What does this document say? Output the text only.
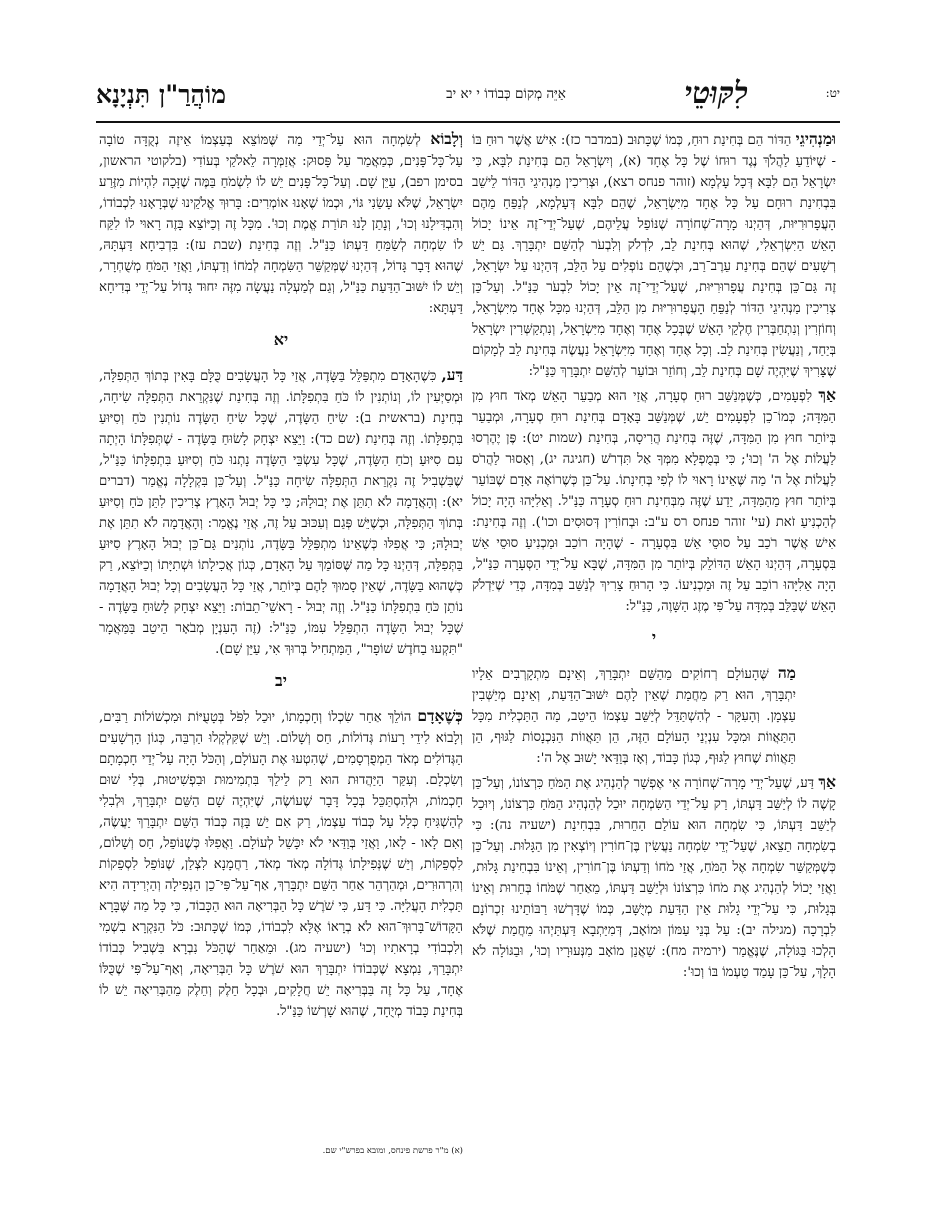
יט:
לִקּוּטֵי
אַיֵּה מְקוֹם כְּבוֹדוֹ י יא יב
מוֹהֲרַ"ן תִּנְיָנָא

וּמַנְהִיגֵי הַדּוֹר הֵם בְּחִינַת רוּחַ, כְּמוֹ שֶׁכָּתוּב (במדבר כז): אִישׁ אֲשֶׁר רוּחַ בּוֹ - שֶׁיּוֹדֵעַ לַהֲלֹךְ נֶגֶד רוּחוֹ שֶׁל כָּל אֶחָד (א), וְיִשְׂרָאֵל הֵם בְּחִינַת לִבָּא, כִּי יִשְׂרָאֵל הֵם לִבָּא דְּכָל עָלְמָא (זוהר פנחס רצא), וּצְרִיכִין מַנְהִיגֵי הַדּוֹר לֵישֵׁב בִּבְחִינַת רוּחָם עַל כָּל אֶחָד מִיִּשְׂרָאֵל, שֶׁהֵם לִבָּא דְּעָלְמָא, לְנַפֵּחַ מֵהֶם הָעֲפָרוּרִיּוּת, דְּהַיְנוּ מָרָה־שְׁחוֹרָה שֶׁנּוֹפֵל עֲלֵיהֶם, שֶׁעַל־יְדֵי־זֶה אֵינוֹ יָכוֹל הָאֵשׁ הַיִּשְׂרְאֵלִי, שֶׁהוּא בְּחִינַת לֵב, לִדְלֹק וְלִבְעֹר לְהַשֵּׁם יִתְבָּרַךְ. גַּם יֵשׁ רְשָׁעִים שֶׁהֵם בְּחִינַת עֵרֶב־רַב, וּכְשֶׁהֵם נוֹפְלִים עַל הַלֵּב, דְּהַיְנוּ עַל יִשְׂרָאֵל, זֶה גַּם־כֵּן בְּחִינַת עֲפָרוּרִיּוּת, שֶׁעַל־יְדֵי־זֶה אֵין יָכוֹל לִבְעֹר כַּנַּ"ל. וְעַל־כֵּן צְרִיכִין מַנְהִיגֵי הַדּוֹר לְנַפֵּחַ הָעֲפָרוּרִיּוּת מִן הַלֵּב, דְּהַיְנוּ מִכָּל אֶחָד מִיִּשְׂרָאֵל, וְחוֹזְרִין וְנִתְחַבְּרִין חֶלְקֵי הָאֵשׁ שֶׁבְּכָל אֶחָד וְאֶחָד מִיִּשְׂרָאֵל, וְנִתְקַשְּׁרִין יִשְׂרָאֵל בְּיַחַד, וְנַעֲשִׂין בְּחִינַת לֵב. וְכָל אֶחָד וְאֶחָד מִיִּשְׂרָאֵל נַעֲשֶׂה בְּחִינַת לֵב לְמָקוֹם שֶׁצָּרִיךְ שֶׁיִּהְיֶה שָׁם בְּחִינַת לֵב, וְחוֹזֵר וּבוֹעֵר לְהַשֵּׁם יִתְבָּרַךְ כַּנַּ"ל:

אַךְ לִפְעָמִים, כְּשֶׁמְּנַשֵּׁב רוּחַ סְעָרָה, אֲזַי הוּא מְבַעֵר הָאֵשׁ מְאֹד חוּץ מִן הַמִּדָּה; כְּמוֹ־כֵן לִפְעָמִים יֵשׁ, שֶׁמְּנַשֵּׁב בָּאָדָם בְּחִינַת רוּחַ סְעָרָה, וּמְבַעֵר בְּיוֹתֵר חוּץ מִן הַמִּדָּה, שֶׁזֶּה בְּחִינַת הֲרִיסָה, בְּחִינַת (שמות יט): פֶּן יֶהֶרְסוּ לַעֲלוֹת אֶל ה' וְכוּ'; כִּי בְּמֻפְלָא מִמְּךָ אַל תִּדְרֹשׁ (חגיגה יג), וְאָסוּר לַהֲרֹס לַעֲלוֹת אֶל ה' מַה שֶּׁאֵינוֹ רָאוּי לוֹ לְפִי בְּחִינָתוֹ. עַל־כֵּן כְּשֶׁרוֹאֶה אָדָם שֶׁבּוֹעֵר בְּיוֹתֵר חוּץ מֵהַמִּדָּה, יֵדַע שֶׁזֶּה מִבְּחִינַת רוּחַ סְעָרָה כַּנַּ"ל. וְאֵלִיָּהוּ הָיָה יָכוֹל לְהַכְנִיעַ זֹאת (עי' זוהר פנחס רס ע"ב: וּבְחוֹרִין דְּסוּסִים וכו'). וְזֶה בְּחִינַת: אִישׁ אֲשֶׁר רֹכֵב עַל סוּסֵי אֵשׁ בִּסְעָרָה - שֶׁהָיָה רוֹכֵב וּמַכְנִיעַ סוּסֵי אֵשׁ בִּסְעָרָה, דְּהַיְנוּ הָאֵשׁ הַדּוֹלֵק בְּיוֹתֵר מִן הַמִּדָּה, שֶׁבָּא עַל־יְדֵי הַסְּעָרָה כַּנַּ"ל, הָיָה אֵלִיָּהוּ רוֹכֵב עַל זֶה וּמַכְנִיעוֹ. כִּי הָרוּחַ צָרִיךְ לְנַשֵּׁב בְּמִדָּה, כְּדֵי שֶׁיִּדְלֹק הָאֵשׁ שֶׁבַּלֵּב בְּמִדָּה עַל־פִּי מֶזֶג הַשָּׁוֶה, כַּנַּ"ל:

י

מַה שֶּׁהָעוֹלָם רְחוֹקִים מֵהַשֵּׁם יִתְבָּרַךְ, וְאֵינָם מִתְקָרְבִים אֵלָיו יִתְבָּרַךְ, הוּא רַק מֵחֲמַת שֶׁאֵין לָהֶם יִשּׁוּב־הַדַּעַת, וְאֵינָם מְיַשְּׁבִין עַצְמָן. וְהָעִקָּר - לְהִשְׁתַּדֵּל לְיַשֵּׁב עַצְמוֹ הֵיטֵב, מַה הַתַּכְלִית מִכָּל הַתַּאֲווֹת וּמִכָּל עִנְיְנֵי הָעוֹלָם הַזֶּה, הֵן תַּאֲווֹת הַנִּכְנָסוֹת לַגּוּף, הֵן תַּאֲווֹת שֶׁחוּץ לַגּוּף, כְּגוֹן כָּבוֹד, וְאָז בְּוַדַּאי יָשׁוּב אֶל ה':

אַךְ דַּע, שֶׁעַל־יְדֵי מָרָה־שְׁחוֹרָה אִי אֶפְשָׁר לְהַנְהִיג אֶת הַמֹּחַ כִּרְצוֹנוֹ, וְעַל־כֵּן קָשֶׁה לוֹ לְיַשֵּׁב דַּעְתּוֹ, רַק עַל־יְדֵי הַשִּׂמְחָה יוּכַל לְהַנְהִיג הַמֹּחַ כִּרְצוֹנוֹ, וְיוּכַל לְיַשֵּׁב דַּעְתּוֹ, כִּי שִׂמְחָה הוּא עוֹלַם הַחֵרוּת, בִּבְחִינַת (ישעיה נה): כִּי בְשִׂמְחָה תֵצֵאוּ, שֶׁעַל־יְדֵי שִׂמְחָה נַעֲשִׂין בֶּן־חוֹרִין וְיוֹצְאִין מִן הַגָּלוּת. וְעַל־כֵּן כְּשֶׁמְּקַשֵּׁר שִׂמְחָה אֶל הַמֹּחַ, אֲזַי מֹחוֹ וְדַעְתּוֹ בֶּן־חוֹרִין, וְאֵינוֹ בִּבְחִינַת גָּלוּת, וַאֲזַי יָכוֹל לְהַנְהִיג אֶת מֹחוֹ כִּרְצוֹנוֹ וּלְיַשֵּׁב דַּעְתּוֹ, מֵאַחַר שֶׁמֹּחוֹ בְּחֵרוּת וְאֵינוֹ בְּגָלוּת, כִּי עַל־יְדֵי גָלוּת אֵין הַדַּעַת מְיֻשָּׁב, כְּמוֹ שֶׁדָּרְשׁוּ רַבּוֹתֵינוּ זִכְרוֹנָם לִבְרָכָה (מגילה יב): עַל בְּנֵי עַמּוֹן וּמוֹאָב, דְּמִיַּתְבָא דַּעְתַּיְהוּ מֵחֲמַת שֶׁלֹּא הָלְכוּ בַּגּוֹלָה, שֶׁנֶּאֱמַר (ירמיה מח): שַׁאֲנַן מוֹאָב מִנְּעוּרָיו וְכוּ', וּבַגּוֹלָה לֹא הָלָךְ, עַל־כֵּן עָמַד טַעְמוֹ בּוֹ וְכוּ':

וְלָבוֹא לְשִׂמְחָה הוּא עַל־יְדֵי מַה שֶּׁמּוֹצֵא בְּעַצְמוֹ אֵיזֶה נְקֻדָּה טוֹבָה עַל־כָּל־פָּנִים, כְּמַאֲמַר עַל פָּסוּק: אֲזַמְּרָה לֵאלֹקַי בְּעוֹדִי (בלקוטי הראשון, בסימן רפב), עַיֵּן שָׁם. וְעַל־כָּל־פָּנִים יֵשׁ לוֹ לִשְׂמֹחַ בַּמֶּה שֶׁזָּכָה לִהְיוֹת מִזֶּרַע יִשְׂרָאֵל, שֶׁלֹּא עָשַׂנִי גּוֹי, וּכְמוֹ שֶׁאָנוּ אוֹמְרִים: בָּרוּךְ אֱלֹקֵינוּ שֶׁבְּרָאָנוּ לִכְבוֹדוֹ, וְהִבְדִּילָנוּ וְכוּ', וְנָתַן לָנוּ תּוֹרַת אֱמֶת וְכוּ'. מִכָּל זֶה וְכַיּוֹצֵא בָּזֶה רָאוּי לוֹ לִקַּח לוֹ שִׂמְחָה לְשַׂמֵּחַ דַּעְתּוֹ כַּנַּ"ל. וְזֶה בְּחִינַת (שבת עז): בִּדְבִיחָא דַּעְתָּהּ, שֶׁהוּא דָּבָר גָּדוֹל, דְּהַיְנוּ שֶׁמְּקַשֵּׁר הַשִּׂמְחָה לְמֹחוֹ וְדַעְתּוֹ, וַאֲזַי הַמֹּחַ מְשֻׁחְרָר, וְיֵשׁ לוֹ יִשּׁוּב־הַדַּעַת כַּנַּ"ל, וְגַם לְמַעְלָה נַעֲשָׂה מִזֶּה יִחוּד גָּדוֹל עַל־יְדֵי בְּדִיחָא דַּעְתָּא:

יא

דַּע, כִּשֶׁהָאָדָם מִתְפַּלֵּל בַּשָּׂדֶה, אֲזַי כָּל הָעֲשָׂבִים כֻּלָּם בָּאִין בְּתוֹךְ הַתְּפִלָּה, וּמְסַיְּעִין לוֹ, וְנוֹתְנִין לוֹ כֹּחַ בִּתְפִלָּתוֹ. וְזֶה בְּחִינַת שֶׁנִּקְרֵאת הַתְּפִלָּה שִׂיחָה, בְּחִינַת (בראשית ב): שִׂיחַ הַשָּׂדֶה, שֶׁכָּל שִׂיחַ הַשָּׂדֶה נוֹתְנִין כֹּחַ וְסִיּוּעַ בִּתְפִלָּתוֹ. וְזֶה בְּחִינַת (שם כד): וַיֵּצֵא יִצְחָק לָשׂוּחַ בַּשָּׂדֶה - שֶׁתְּפִלָּתוֹ הָיְתָה עִם סִיּוּעַ וְכֹחַ הַשָּׂדֶה, שֶׁכָּל עִשְׂבֵּי הַשָּׂדֶה נָתְנוּ כֹּחַ וְסִיּוּעַ בִּתְפִלָּתוֹ כַּנַּ"ל, שֶׁבִּשְׁבִיל זֶה נִקְרֵאת הַתְּפִלָּה שִׂיחָה כַּנַּ"ל. וְעַל־כֵּן בִּקְלָלָה נֶאֱמַר (דברים יא): וְהָאֲדָמָה לֹא תִתֵּן אֶת יְבוּלָהּ; כִּי כָּל יְבוּל הָאָרֶץ צְרִיכִין לִתֵּן כֹּחַ וְסִיּוּעַ בְּתוֹךְ הַתְּפִלָּה, וּכְשֶׁיֵּשׁ פְּגַם וְעִכּוּב עַל זֶה, אֲזַי נֶאֱמַר: וְהָאֲדָמָה לֹא תִתֵּן אֶת יְבוּלָהּ; כִּי אֲפִלּוּ כְּשֶׁאֵינוֹ מִתְפַּלֵּל בַּשָּׂדֶה, נוֹתְנִים גַּם־כֵּן יְבוּל הָאָרֶץ סִיּוּעַ בַּתְּפִלָּה, דְּהַיְנוּ כָּל מַה שֶּׁסּוֹמֵךְ עַל הָאָדָם, כְּגוֹן אֲכִילָתוֹ וּשְׁתִיָּתוֹ וְכַיּוֹצֵא, רַק כְּשֶׁהוּא בַּשָּׂדֶה, שֶׁאֵין סָמוּךְ לָהֶם בְּיוֹתֵר, אֲזַי כָּל הָעֲשָׂבִים וְכָל יְבוּל הָאֲדָמָה נוֹתֵן כֹּחַ בִּתְפִלָּתוֹ כַּנַּ"ל. וְזֶה יְבוּל - רָאשֵׁי־תֵבוֹת: וַיֵּצֵא יִצְחָק לָשׂוּחַ בַּשָּׂדֶה - שֶׁכָּל יְבוּל הַשָּׂדֶה הִתְפַּלֵּל עִמּוֹ, כַּנַּ"ל: (זֶה הָעִנְיָן מְבֹאָר הֵיטֵב בַּמַּאֲמָר "תִּקְעוּ בַחֹדֶשׁ שׁוֹפָר", הַמַּתְחִיל בְּרוּךְ אִי, עַיֵּן שָׁם).

יב

כְּשֶׁאָדָם הוֹלֵךְ אַחַר שִׂכְלוֹ וְחָכְמָתוֹ, יוּכַל לִפֹּל בְּטָעֻיּוֹת וּמִכְשׁוֹלוֹת רַבִּים, וְלָבוֹא לִידֵי רָעוֹת גְּדוֹלוֹת, חַס וְשָׁלוֹם. וְיֵשׁ שֶׁקִּלְקְלוּ הַרְבֵּה, כְּגוֹן הָרְשָׁעִים הַגְּדוֹלִים מְאֹד הַמְפֻרְסָמִים, שֶׁהִטְעוּ אֶת הָעוֹלָם, וְהַכֹּל הָיָה עַל־יְדֵי חָכְמָתָם וְשִׂכְלָם. וְעִקַּר הַיַּהֲדוּת הוּא רַק לֵילֵךְ בִּתְמִימוּת וּבִפְשִׁיטוּת, בְּלִי שׁוּם חָכְמוֹת, וּלְהִסְתַּכֵּל בְּכָל דָּבָר שֶׁעוֹשֶׂה, שֶׁיִּהְיֶה שָׁם הַשֵּׁם יִתְבָּרַךְ, וּלְבִלִי לְהַשְׁגִּיחַ כְּלָל עַל כְּבוֹד עַצְמוֹ, רַק אִם יֵשׁ בָּזֶה כְּבוֹד הַשֵּׁם יִתְבָּרַךְ יַעֲשֶׂה, וְאִם לָאו - לָאו, וַאֲזַי בְּוַדַּאי לֹא יִכָּשֵׁל לְעוֹלָם. וַאֲפִלּוּ כְּשֶׁנּוֹפֵל, חַס וְשָׁלוֹם, לִסְפֵקוֹת, וְיֵשׁ שֶׁנְּפִילָתוֹ גְּדוֹלָה מְאֹד מְאֹד, רַחֲמָנָא לִצְלַן, שֶׁנּוֹפֵל לִסְפֵקוֹת וְהִרְהוּרִים, וּמְהַרְהֵר אַחַר הַשֵּׁם יִתְבָּרַךְ, אַף־עַל־פִּי־כֵן הַנְּפִילָה וְהַיְרִידָה הִיא תַּכְלִית הָעֲלִיָּה. כִּי דַּע, כִּי שֹׁרֶשׁ כָּל הַבְּרִיאָה הוּא הַכָּבוֹד, כִּי כָּל מַה שֶּׁבָּרָא הַקָּדוֹשׁ־בָּרוּךְ־הוּא לֹא בְרָאוֹ אֶלָּא לִכְבוֹדוֹ, כְּמוֹ שֶׁכָּתוּב: כֹּל הַנִּקְרָא בִשְׁמִי וְלִכְבוֹדִי בְרָאתִיו וְכוּ' (ישעיה מג). וּמֵאַחַר שֶׁהַכֹּל נִבְרָא בִּשְׁבִיל כְּבוֹדוֹ יִתְבָּרַךְ, נִמְצָא שֶׁכְּבוֹדוֹ יִתְבָּרַךְ הוּא שֹׁרֶשׁ כָּל הַבְּרִיאָה, וְאַף־עַל־פִּי שֶׁכֻּלּוֹ אֶחָד, עַל כָּל זֶה בַּבְּרִיאָה יֵשׁ חֲלָקִים, וּבְכָל חֵלֶק וְחֵלֶק מֵהַבְּרִיאָה יֵשׁ לוֹ בְּחִינַת כָּבוֹד מְיֻחָד, שֶׁהוּא שָׁרְשׁוֹ כַּנַּ"ל.

(א) מ"ר פרשת פינחס, ומובא בפרש"י שם.
